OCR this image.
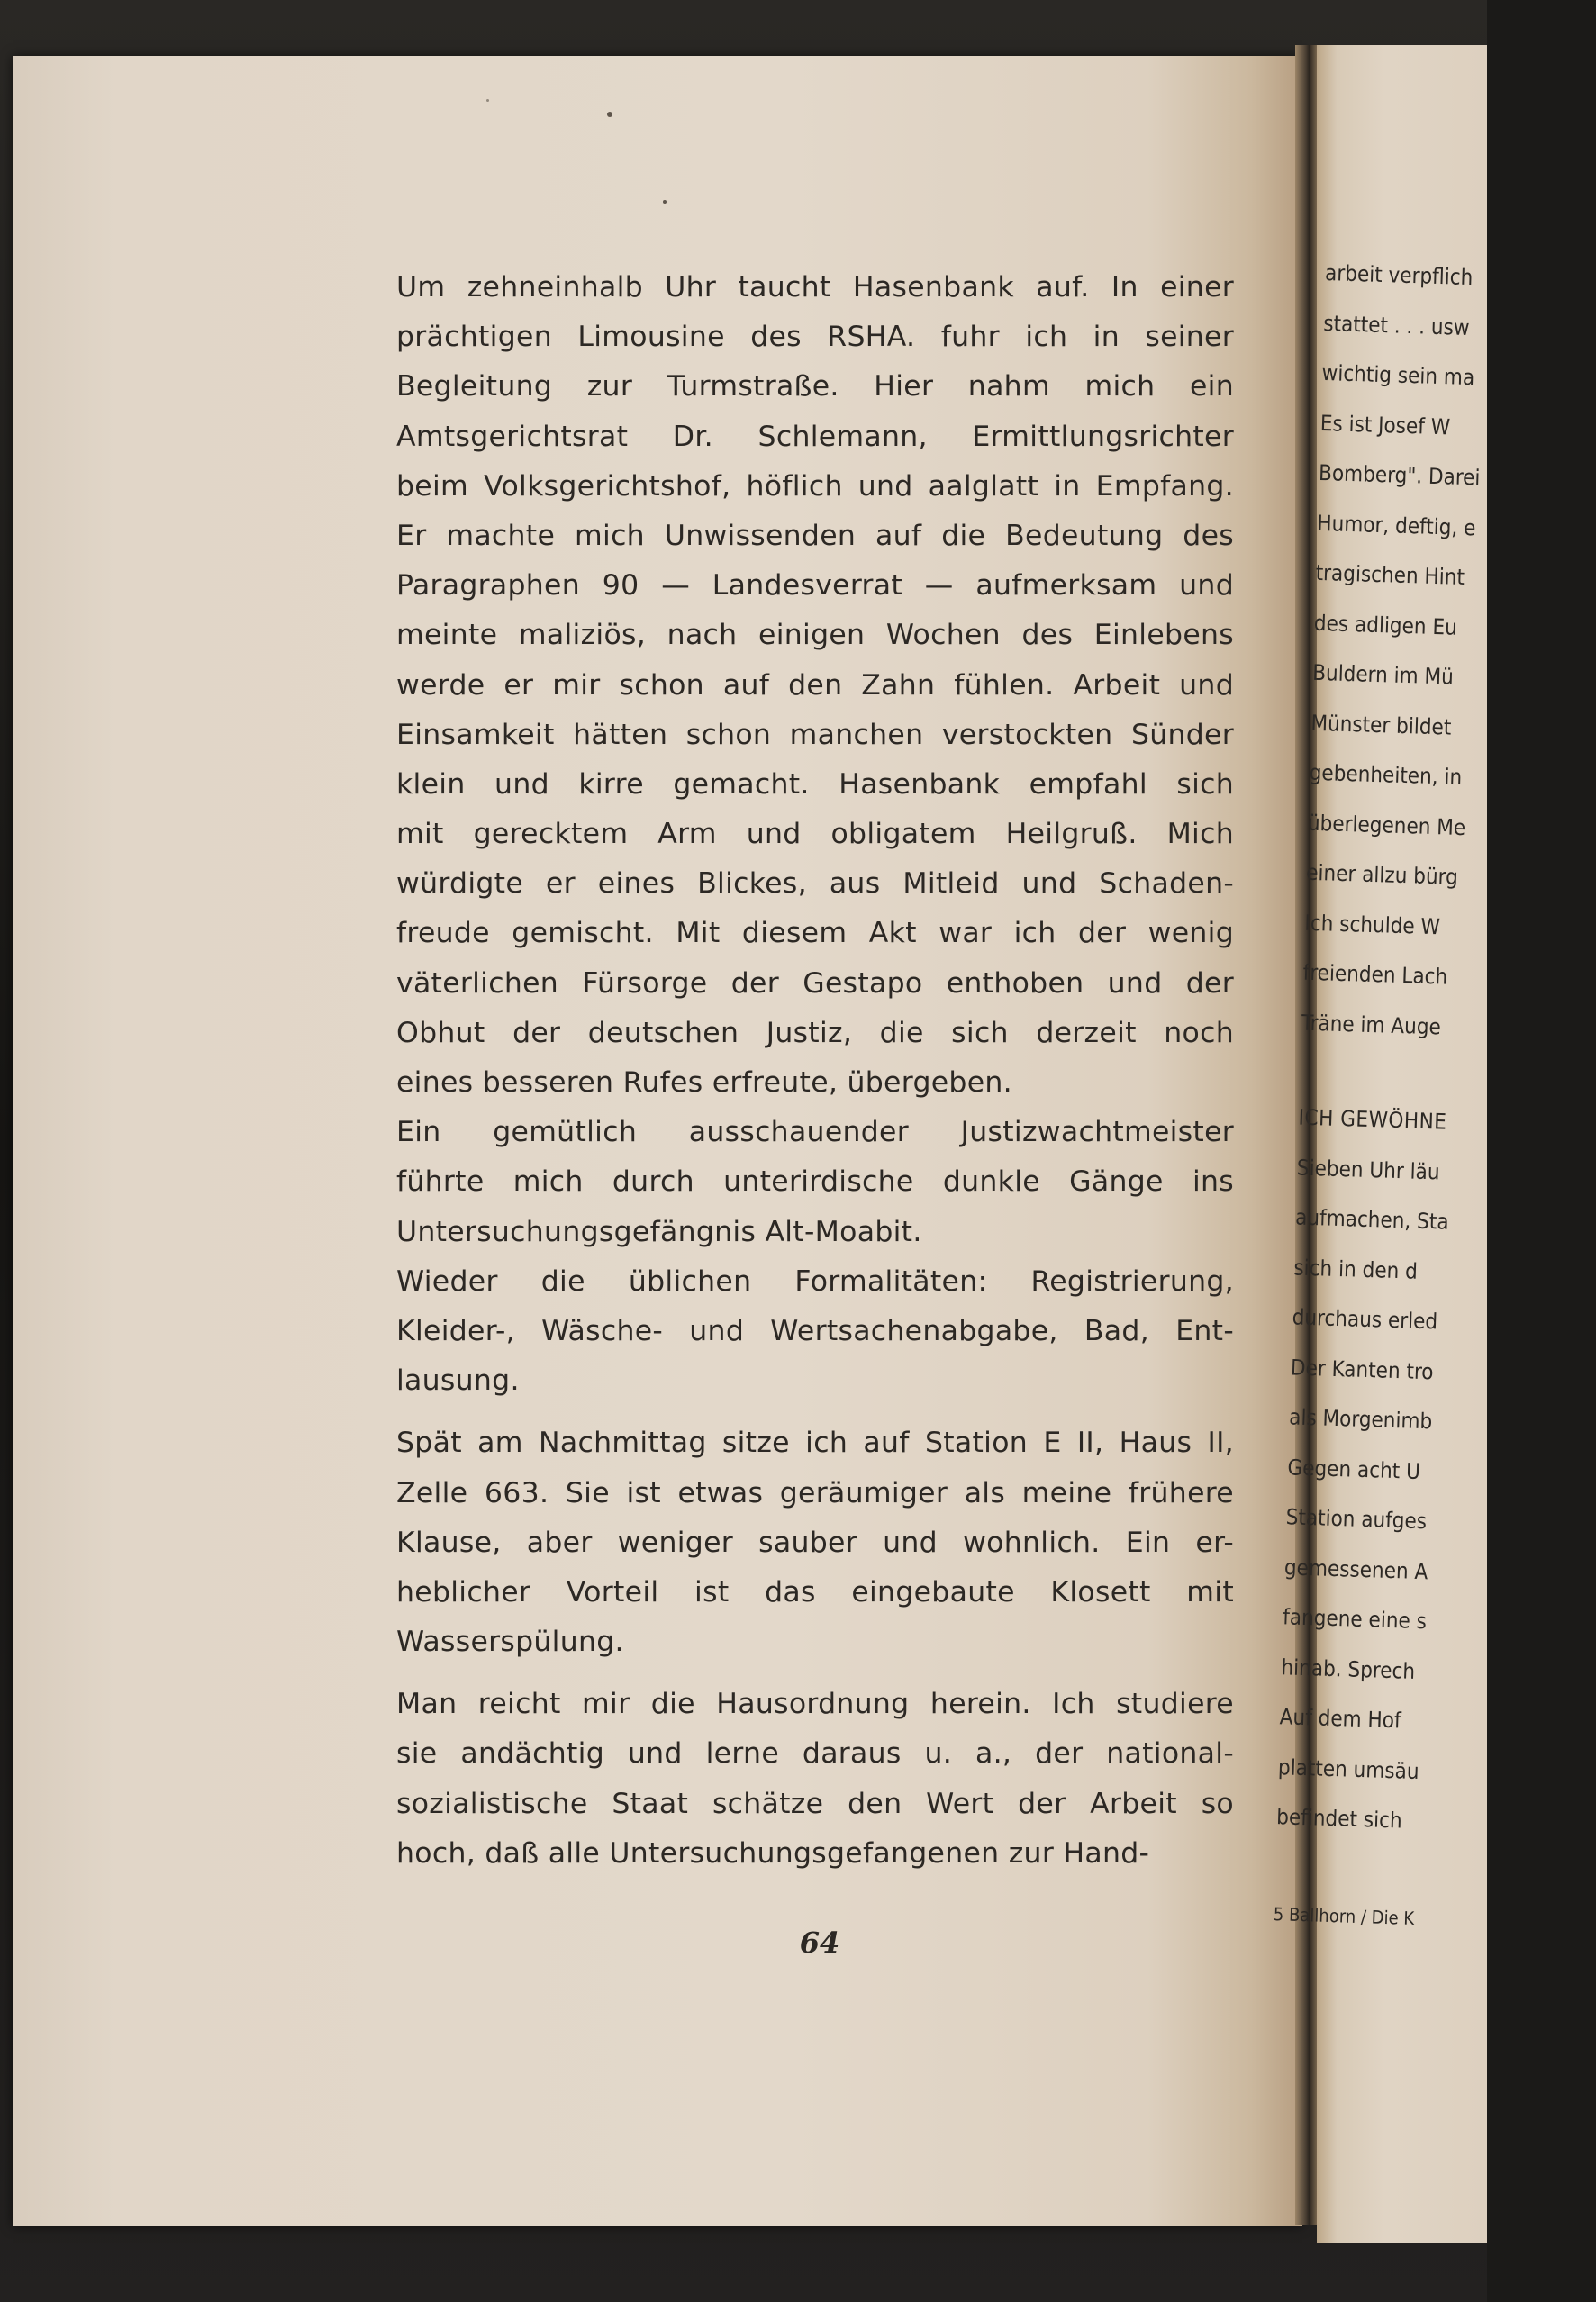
arbeit verpflich
stattet . . . usw
wichtig sein ma
Es ist Josef W
Bomberg". Darei
Humor, deftig, e
tragischen Hint
des adligen Eu
Buldern im Mü
Münster bildet
gebenheiten, in
überlegenen Me
einer allzu bürg
Ich schulde W
freienden Lach
Träne im Auge
ICH GEWÖHNE
Sieben Uhr läu
aufmachen, Sta
sich in den d
durchaus erled
Der Kanten tro
als Morgenimb
Gegen acht U
Station aufges
gemessenen A
fangene eine s
hinab. Sprech
Auf dem Hof
platten umsäu
befindet sich
5 Ballhorn / Die K

Um zehneinhalb Uhr taucht Hasenbank auf. In einer
prächtigen Limousine des RSHA. fuhr ich in seiner
Begleitung zur Turmstraße. Hier nahm mich ein
Amtsgerichtsrat Dr. Schlemann, Ermittlungsrichter
beim Volksgerichtshof, höflich und aalglatt in Empfang.
Er machte mich Unwissenden auf die Bedeutung des
Paragraphen 90 — Landesverrat — aufmerksam und
meinte maliziös, nach einigen Wochen des Einlebens
werde er mir schon auf den Zahn fühlen. Arbeit und
Einsamkeit hätten schon manchen verstockten Sünder
klein und kirre gemacht. Hasenbank empfahl sich
mit gerecktem Arm und obligatem Heilgruß. Mich
würdigte er eines Blickes, aus Mitleid und Schaden-
freude gemischt. Mit diesem Akt war ich der wenig
väterlichen Fürsorge der Gestapo enthoben und der
Obhut der deutschen Justiz, die sich derzeit noch
eines besseren Rufes erfreute, übergeben.

Ein gemütlich ausschauender Justizwachtmeister
führte mich durch unterirdische dunkle Gänge ins
Untersuchungsgefängnis Alt-Moabit.

Wieder die üblichen Formalitäten: Registrierung,
Kleider-, Wäsche- und Wertsachenabgabe, Bad, Ent-
lausung.

Spät am Nachmittag sitze ich auf Station E II, Haus II,
Zelle 663. Sie ist etwas geräumiger als meine frühere
Klause, aber weniger sauber und wohnlich. Ein er-
heblicher Vorteil ist das eingebaute Klosett mit
Wasserspülung.

Man reicht mir die Hausordnung herein. Ich studiere
sie andächtig und lerne daraus u. a., der national-
sozialistische Staat schätze den Wert der Arbeit so
hoch, daß alle Untersuchungsgefangenen zur Hand-

64
